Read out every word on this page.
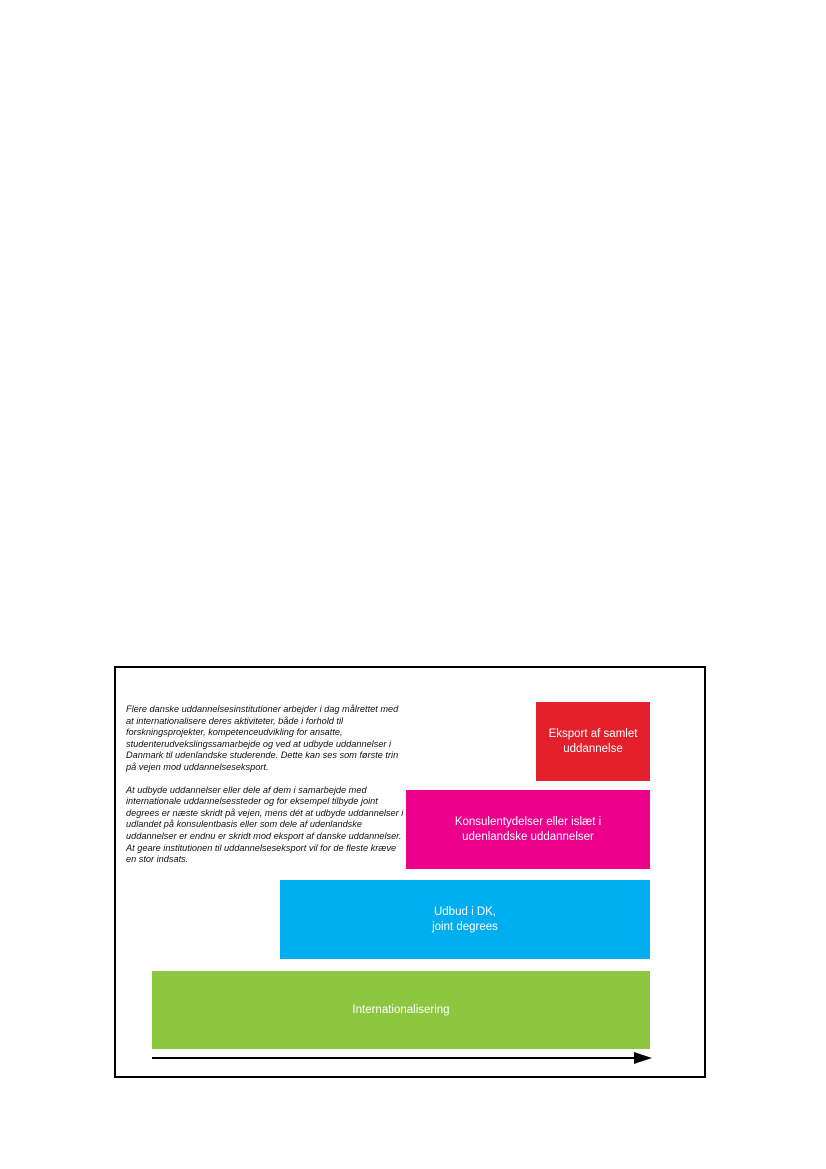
Flere danske uddannelsesinstitutioner arbejder i dag målrettet med at internationalisere deres aktiviteter, både i forhold til forskningsprojekter, kompetenceudvikling for ansatte, studenterudvekslingssamarbejde og ved at udbyde uddannelser i Danmark til udenlandske studerende. Dette kan ses som første trin på vejen mod uddannelseseksport.

At udbyde uddannelser eller dele af dem i samarbejde med internationale uddannelsessteder og for eksempel tilbyde joint degrees er næste skridt på vejen, mens dét at udbyde uddannelser i udlandet på konsulentbasis eller som dele af udenlandske uddannelser er endnu er skridt mod eksport af danske uddannelser. At geare institutionen til uddannelseseksport vil for de fleste kræve en stor indsats.

Internationalisering
Udbud i DK,
joint degrees
Konsulentydelser eller islæt i
udenlandske uddannelser
Eksport af samlet
uddannelse
